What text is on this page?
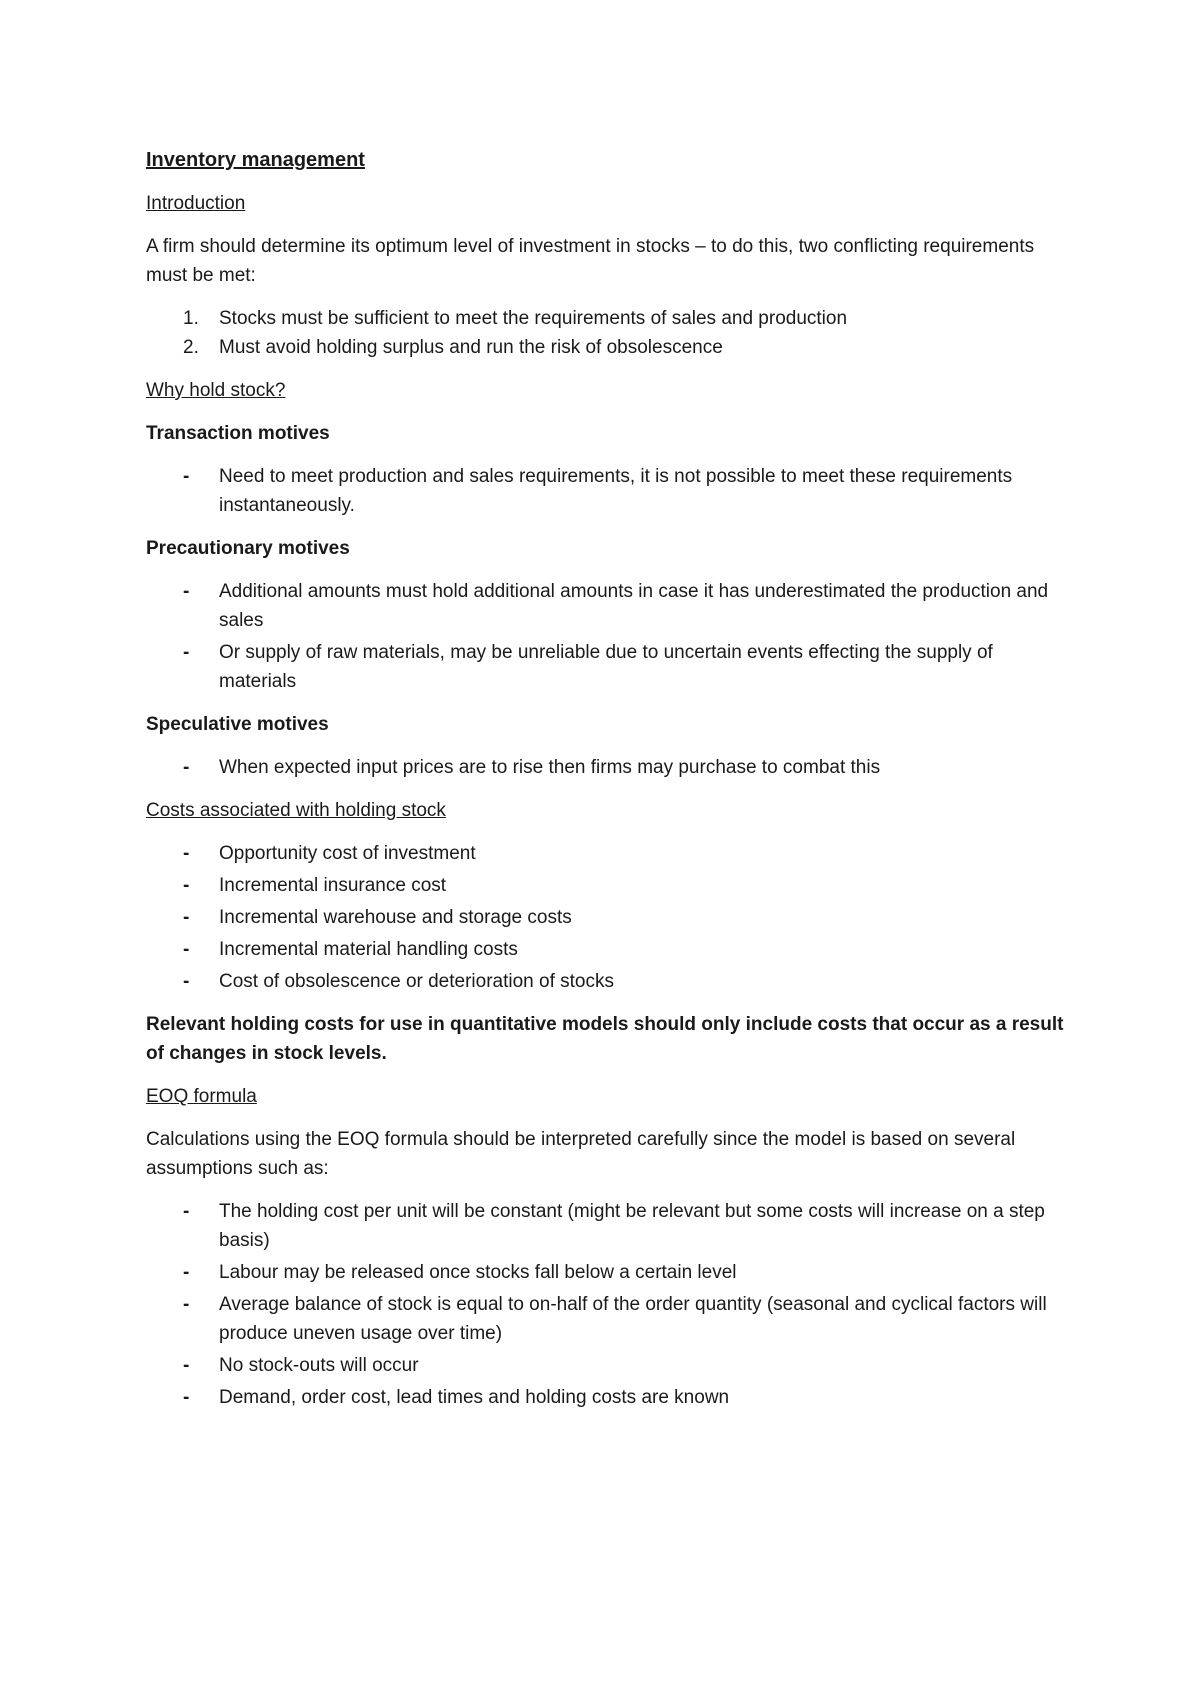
Inventory management
Introduction
A firm should determine its optimum level of investment in stocks – to do this, two conflicting requirements must be met:
1. Stocks must be sufficient to meet the requirements of sales and production
2. Must avoid holding surplus and run the risk of obsolescence
Why hold stock?
Transaction motives
- Need to meet production and sales requirements, it is not possible to meet these requirements instantaneously.
Precautionary motives
- Additional amounts must hold additional amounts in case it has underestimated the production and sales
- Or supply of raw materials, may be unreliable due to uncertain events effecting the supply of materials
Speculative motives
- When expected input prices are to rise then firms may purchase to combat this
Costs associated with holding stock
- Opportunity cost of investment
- Incremental insurance cost
- Incremental warehouse and storage costs
- Incremental material handling costs
- Cost of obsolescence or deterioration of stocks
Relevant holding costs for use in quantitative models should only include costs that occur as a result of changes in stock levels.
EOQ formula
Calculations using the EOQ formula should be interpreted carefully since the model is based on several assumptions such as:
- The holding cost per unit will be constant (might be relevant but some costs will increase on a step basis)
- Labour may be released once stocks fall below a certain level
- Average balance of stock is equal to on-half of the order quantity (seasonal and cyclical factors will produce uneven usage over time)
- No stock-outs will occur
- Demand, order cost, lead times and holding costs are known
